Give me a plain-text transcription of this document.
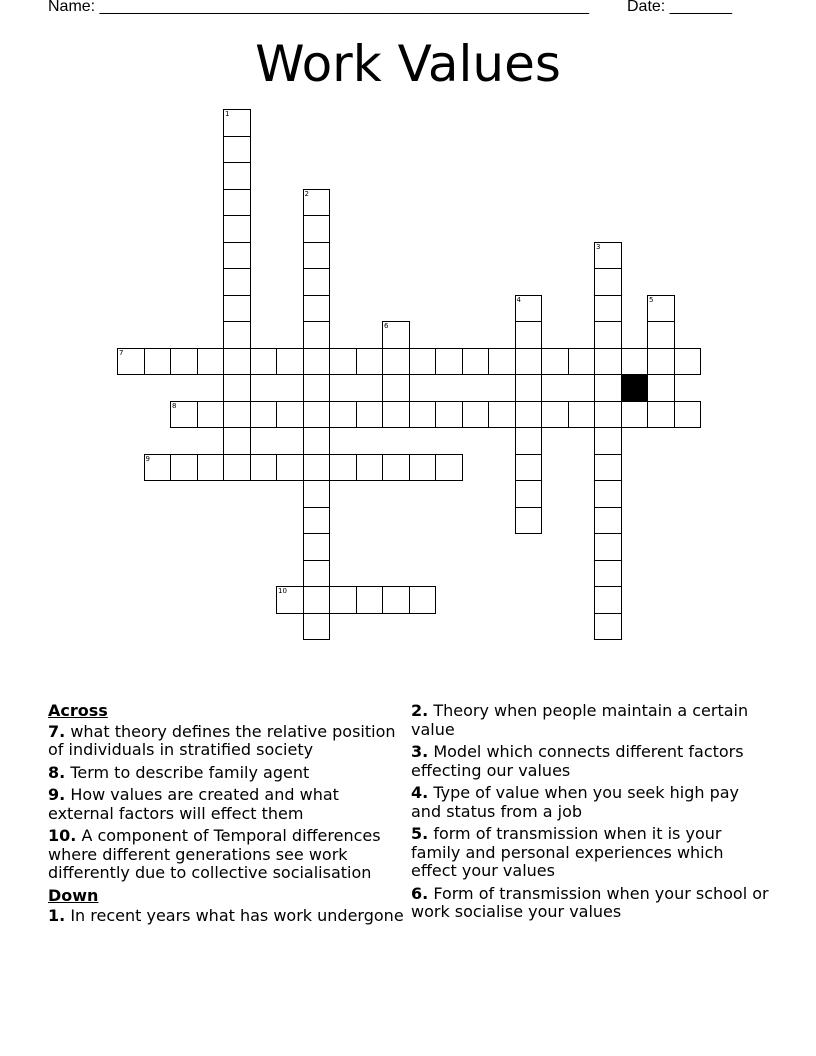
Name: _______________________________________________________ Date: _______
Work Values
1
2
3
4	5
6
7
8
9
10
Across
7. what theory defines the relative position of individuals in stratified society
8. Term to describe family agent
9. How values are created and what external factors will effect them
10. A component of Temporal differences where different generations see work differently due to collective socialisation
Down
1. In recent years what has work undergone
2. Theory when people maintain a certain value
3. Model which connects different factors effecting our values
4. Type of value when you seek high pay and status from a job
5. form of transmission when it is your family and personal experiences which effect your values
6. Form of transmission when your school or work socialise your values
